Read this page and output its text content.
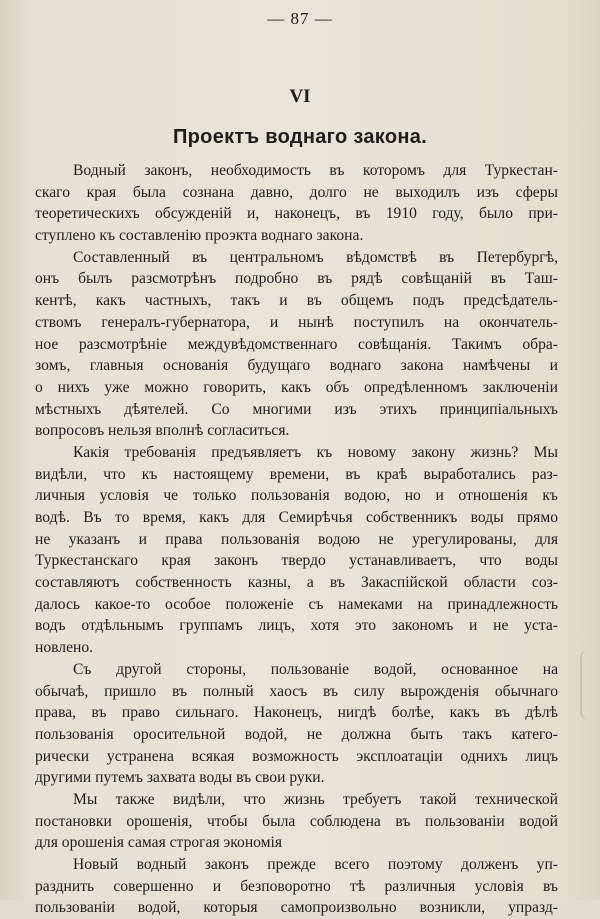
— 87 —
VI
Проектъ воднаго закона.
Водный законъ, необходимость въ которомъ для Туркестан-
скаго края была сознана давно, долго не выходилъ изъ сферы
теоретическихъ обсужденій и, наконецъ, въ 1910 году, было при-
ступлено къ составленію проэкта воднаго закона.
Составленный въ центральномъ вѣдомствѣ въ Петербургѣ,
онъ былъ разсмотрѣнъ подробно въ рядѣ совѣщаній въ Таш-
кентѣ, какъ частныхъ, такъ и въ общемъ подъ предсѣдатель-
ствомъ генералъ-губернатора, и нынѣ поступилъ на окончатель-
ное разсмотрѣніе междувѣдомственнаго совѣщанія. Такимъ обра-
зомъ, главныя основанія будущаго воднаго закона намѣчены и
о нихъ уже можно говорить, какъ объ опредѣленномъ заключеніи
мѣстныхъ дѣятелей. Со многими изъ этихъ принципіальныхъ
вопросовъ нельзя вполнѣ согласиться.
Какія требованія предъявляетъ къ новому закону жизнь? Мы
видѣли, что къ настоящему времени, въ краѣ выработались раз-
личныя условія че только пользованія водою, но и отношенія къ
водѣ. Въ то время, какъ для Семирѣчья собственникъ воды прямо
не указанъ и права пользованія водою не урегулированы, для
Туркестанскаго края законъ твердо устанавливаетъ, что воды
составляютъ собственность казны, а въ Закаспійской области соз-
далось какое-то особое положеніе съ намеками на принадлежность
водъ отдѣльнымъ группамъ лицъ, хотя это закономъ и не уста-
новлено.
Съ другой стороны, пользованіе водой, основанное на
обычаѣ, пришло въ полный хаосъ въ силу вырожденія обычнаго
права, въ право сильнаго. Наконецъ, нигдѣ болѣе, какъ въ дѣлѣ
пользованія оросительной водой, не должна быть такъ катего-
рически устранена всякая возможность эксплоатаціи однихъ лицъ
другими путемъ захвата воды въ свои руки.
Мы также видѣли, что жизнь требуетъ такой технической
постановки орошенія, чтобы была соблюдена въ пользованіи водой
для орошенія самая строгая экономія
Новый водный законъ прежде всего поэтому долженъ уп-
разднить совершенно и безповоротно тѣ различныя условія въ
пользованіи водой, которыя самопроизвольно возникли, упразд-
